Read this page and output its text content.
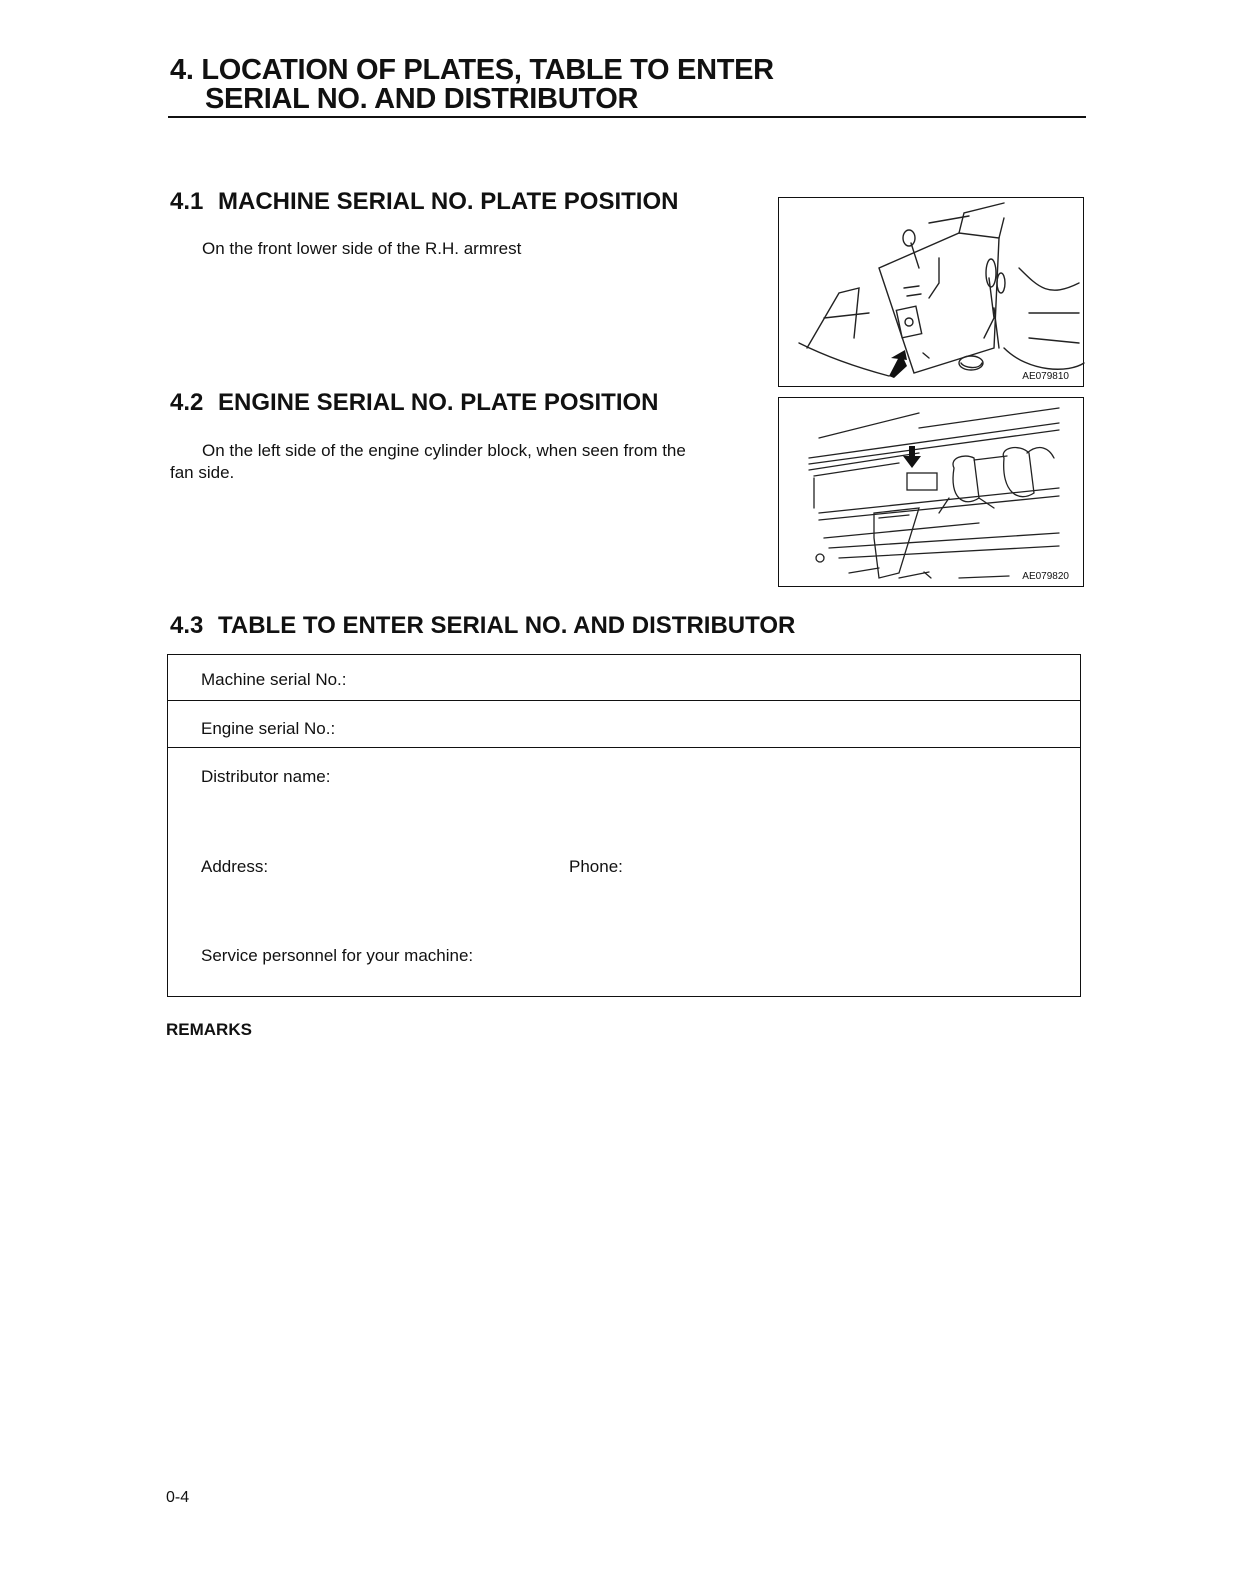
4. LOCATION OF PLATES, TABLE TO ENTER
SERIAL NO. AND DISTRIBUTOR
4.1 MACHINE SERIAL NO. PLATE POSITION
On the front lower side of the R.H. armrest
AE079810
4.2 ENGINE SERIAL NO. PLATE POSITION
On the left side of the engine cylinder block, when seen from the
fan side.
AE079820
4.3 TABLE TO ENTER SERIAL NO. AND DISTRIBUTOR
Machine serial No.:
Engine serial No.:
Distributor name:
Address:	Phone:
Service personnel for your machine:
REMARKS
0-4
